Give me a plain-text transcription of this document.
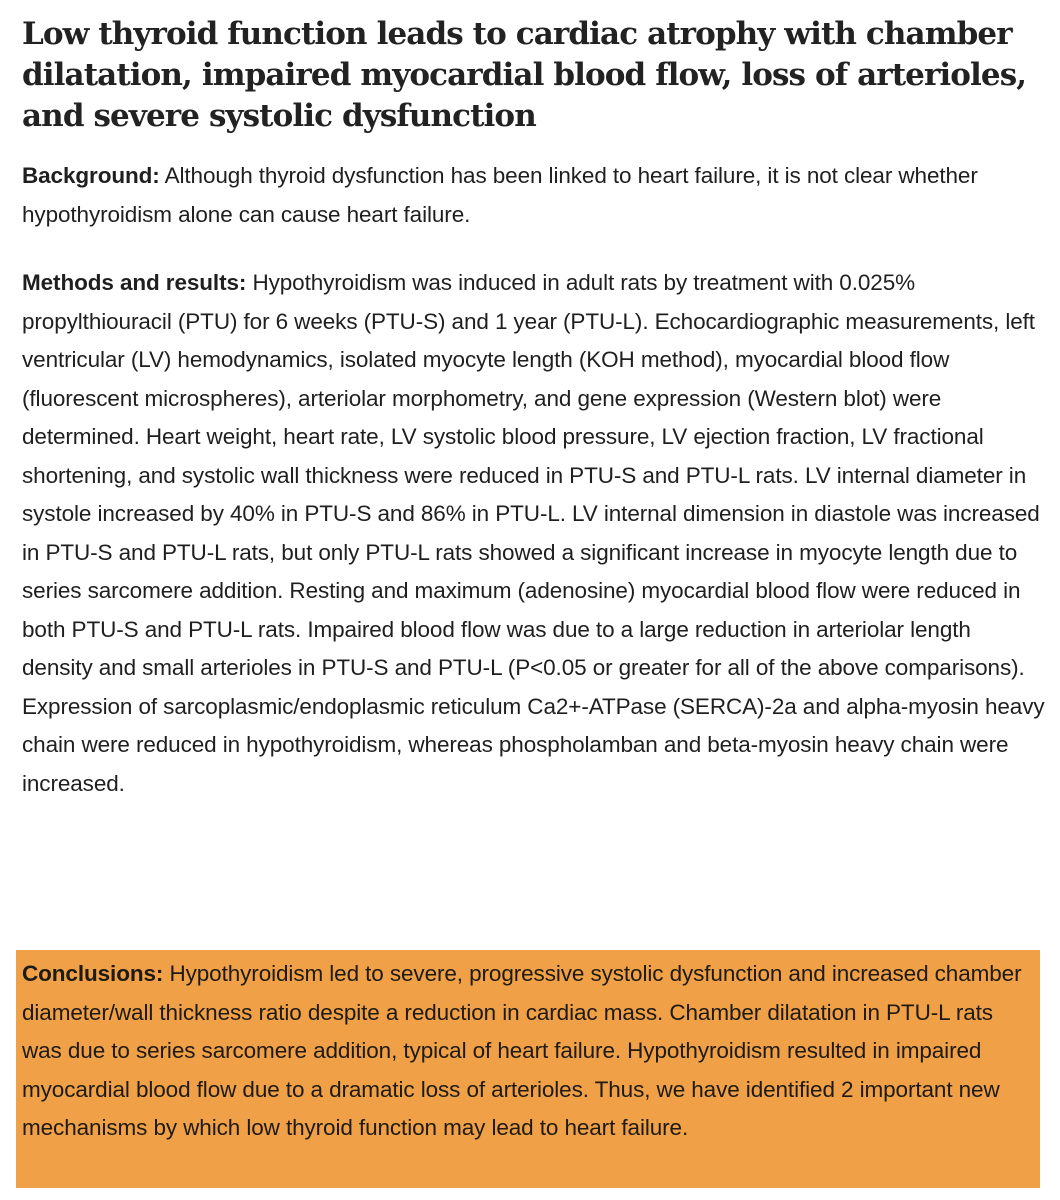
Low thyroid function leads to cardiac atrophy with chamber dilatation, impaired myocardial blood flow, loss of arterioles, and severe systolic dysfunction

Background: Although thyroid dysfunction has been linked to heart failure, it is not clear whether hypothyroidism alone can cause heart failure.

Methods and results: Hypothyroidism was induced in adult rats by treatment with 0.025% propylthiouracil (PTU) for 6 weeks (PTU-S) and 1 year (PTU-L). Echocardiographic measurements, left ventricular (LV) hemodynamics, isolated myocyte length (KOH method), myocardial blood flow (fluorescent microspheres), arteriolar morphometry, and gene expression (Western blot) were determined. Heart weight, heart rate, LV systolic blood pressure, LV ejection fraction, LV fractional shortening, and systolic wall thickness were reduced in PTU-S and PTU-L rats. LV internal diameter in systole increased by 40% in PTU-S and 86% in PTU-L. LV internal dimension in diastole was increased in PTU-S and PTU-L rats, but only PTU-L rats showed a significant increase in myocyte length due to series sarcomere addition. Resting and maximum (adenosine) myocardial blood flow were reduced in both PTU-S and PTU-L rats. Impaired blood flow was due to a large reduction in arteriolar length density and small arterioles in PTU-S and PTU-L (P<0.05 or greater for all of the above comparisons). Expression of sarcoplasmic/endoplasmic reticulum Ca2+-ATPase (SERCA)-2a and alpha-myosin heavy chain were reduced in hypothyroidism, whereas phospholamban and beta-myosin heavy chain were increased.

Conclusions: Hypothyroidism led to severe, progressive systolic dysfunction and increased chamber diameter/wall thickness ratio despite a reduction in cardiac mass. Chamber dilatation in PTU-L rats was due to series sarcomere addition, typical of heart failure. Hypothyroidism resulted in impaired myocardial blood flow due to a dramatic loss of arterioles. Thus, we have identified 2 important new mechanisms by which low thyroid function may lead to heart failure.
